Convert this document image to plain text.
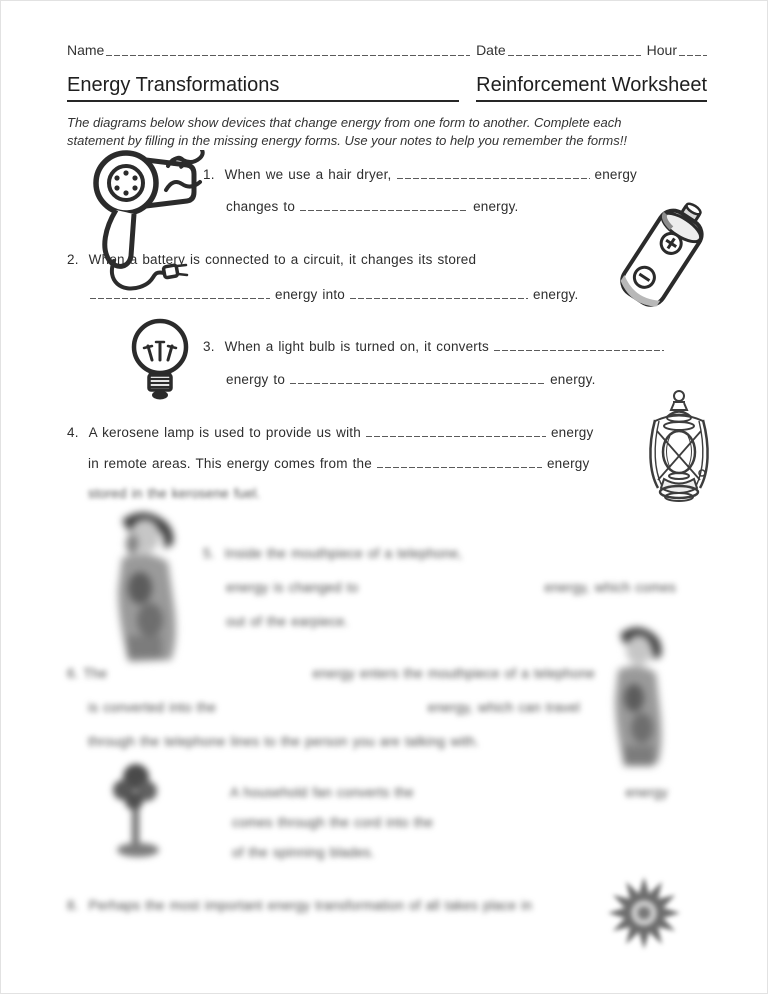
Name	Date	Hour
Energy Transformations	Reinforcement Worksheet
The diagrams below show devices that change energy from one form to another. Complete each
statement by filling in the missing energy forms. Use your notes to help you remember the forms!!
1. When we use a hair dryer,	energy
changes to	energy.
2. When a battery is connected to a circuit, it changes its stored
energy into	energy.
3. When a light bulb is turned on, it converts
energy to	energy.
4. A kerosene lamp is used to provide us with	energy
in remote areas. This energy comes from the	energy
stored in the kerosene fuel.
5. Inside the mouthpiece of a telephone,
energy is changed to	energy, which comes
out of the earpiece.
6. The	energy enters the mouthpiece of a telephone
is converted into the	energy, which can travel
through the telephone lines to the person you are talking with.
A household fan converts the	energy
comes through the cord into the
of the spinning blades.
8. Perhaps the most important energy transformation of all takes place in
